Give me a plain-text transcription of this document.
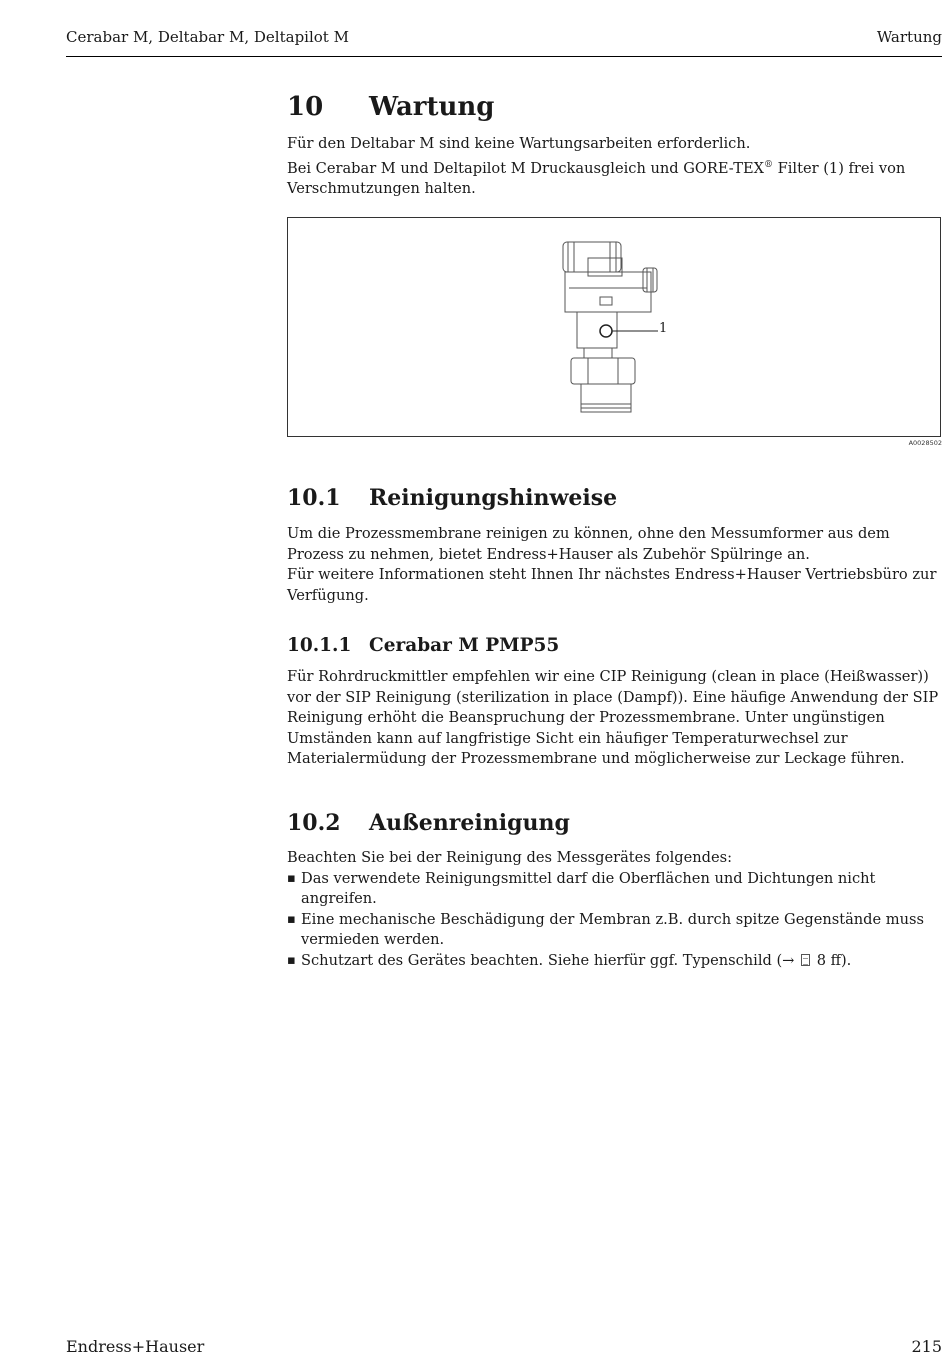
Cerabar M, Deltabar M, Deltapilot M	Wartung
10 Wartung

Für den Deltabar M sind keine Wartungsarbeiten erforderlich.

Bei Cerabar M und Deltapilot M Druckausgleich und GORE-TEX® Filter (1) frei von Verschmutzungen halten.

1
A0028502
10.1 Reinigungshinweise

Um die Prozessmembrane reinigen zu können, ohne den Messumformer aus dem Prozess zu nehmen, bietet Endress+Hauser als Zubehör Spülringe an.

Für weitere Informationen steht Ihnen Ihr nächstes Endress+Hauser Vertriebsbüro zur Verfügung.

10.1.1 Cerabar M PMP55

Für Rohrdruckmittler empfehlen wir eine CIP Reinigung (clean in place (Heißwasser)) vor der SIP Reinigung (sterilization in place (Dampf)). Eine häufige Anwendung der SIP Reinigung erhöht die Beanspruchung der Prozessmembrane. Unter ungünstigen Umständen kann auf langfristige Sicht ein häufiger Temperaturwechsel zur Materialermüdung der Prozessmembrane und möglicherweise zur Leckage führen.

10.2 Außenreinigung

Beachten Sie bei der Reinigung des Messgerätes folgendes:

▪ Das verwendete Reinigungsmittel darf die Oberflächen und Dichtungen nicht angreifen.
▪ Eine mechanische Beschädigung der Membran z.B. durch spitze Gegenstände muss vermieden werden.
▪ Schutzart des Gerätes beachten. Siehe hierfür ggf. Typenschild (→  8 ff).
Endress+Hauser	215
